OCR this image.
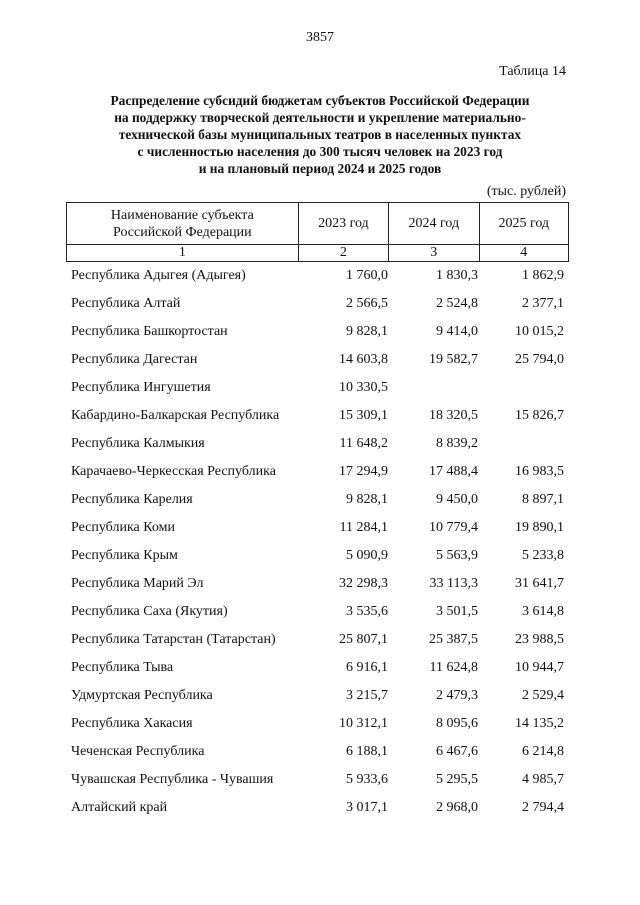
3857
Таблица 14
Распределение субсидий бюджетам субъектов Российской Федерации
на поддержку творческой деятельности и укрепление материально-
технической базы муниципальных театров в населенных пунктах
с численностью населения до 300 тысяч человек на 2023 год
и на плановый период 2024 и 2025 годов
(тыс. рублей)
Наименование субъекта
Российской Федерации	2023 год	2024 год	2025 год
1	2	3	4
Республика Адыгея (Адыгея)	1 760,0	1 830,3	1 862,9
Республика Алтай	2 566,5	2 524,8	2 377,1
Республика Башкортостан	9 828,1	9 414,0	10 015,2
Республика Дагестан	14 603,8	19 582,7	25 794,0
Республика Ингушетия	10 330,5
Кабардино-Балкарская Республика	15 309,1	18 320,5	15 826,7
Республика Калмыкия	11 648,2	8 839,2
Карачаево-Черкесская Республика	17 294,9	17 488,4	16 983,5
Республика Карелия	9 828,1	9 450,0	8 897,1
Республика Коми	11 284,1	10 779,4	19 890,1
Республика Крым	5 090,9	5 563,9	5 233,8
Республика Марий Эл	32 298,3	33 113,3	31 641,7
Республика Саха (Якутия)	3 535,6	3 501,5	3 614,8
Республика Татарстан (Татарстан)	25 807,1	25 387,5	23 988,5
Республика Тыва	6 916,1	11 624,8	10 944,7
Удмуртская Республика	3 215,7	2 479,3	2 529,4
Республика Хакасия	10 312,1	8 095,6	14 135,2
Чеченская Республика	6 188,1	6 467,6	6 214,8
Чувашская Республика - Чувашия	5 933,6	5 295,5	4 985,7
Алтайский край	3 017,1	2 968,0	2 794,4
